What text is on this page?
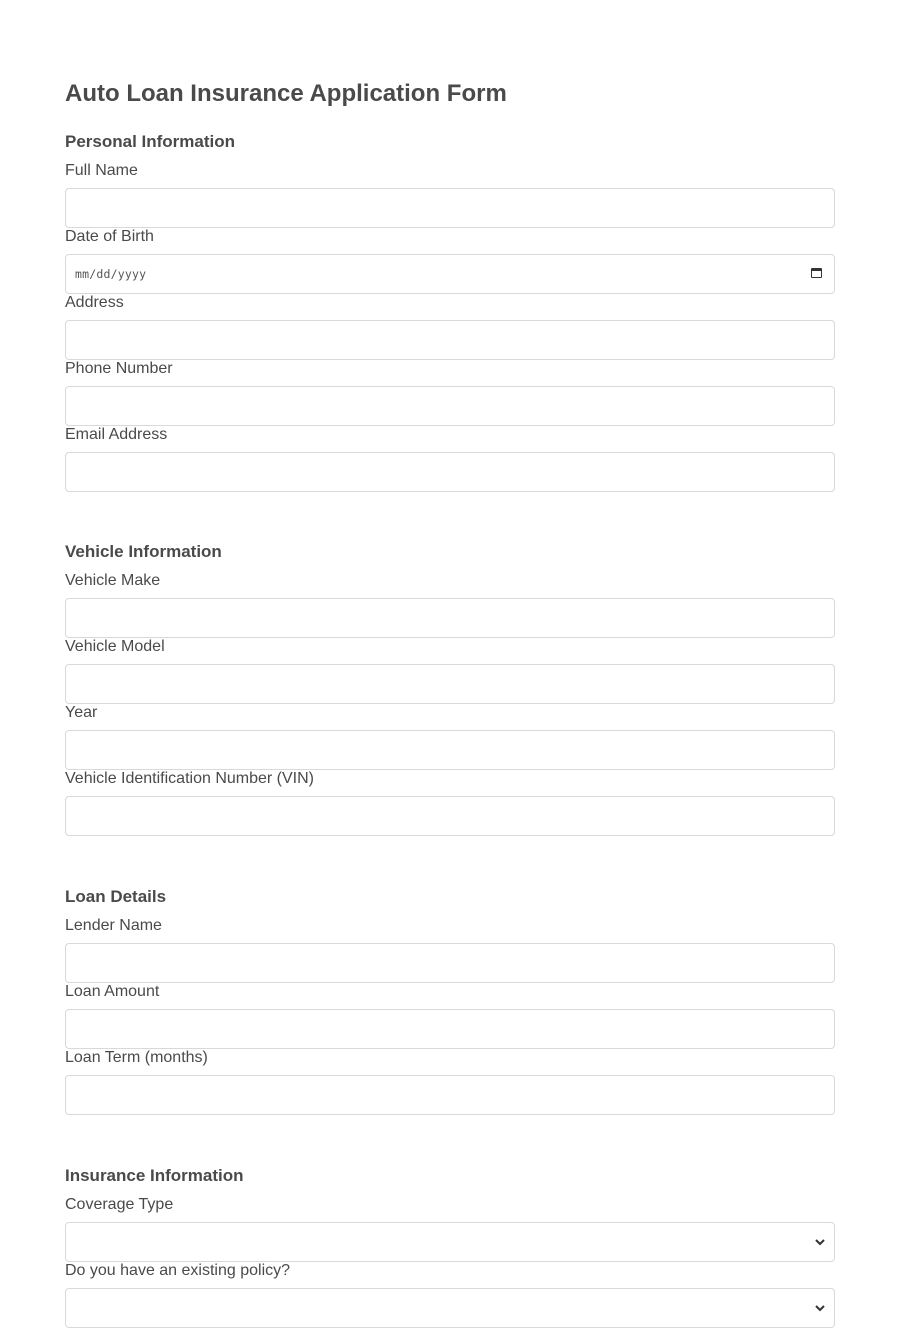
Auto Loan Insurance Application Form
Personal Information
Full Name
Date of Birth
mm/dd/yyyy
Address
Phone Number
Email Address
Vehicle Information
Vehicle Make
Vehicle Model
Year
Vehicle Identification Number (VIN)
Loan Details
Lender Name
Loan Amount
Loan Term (months)
Insurance Information
Coverage Type
Do you have an existing policy?
